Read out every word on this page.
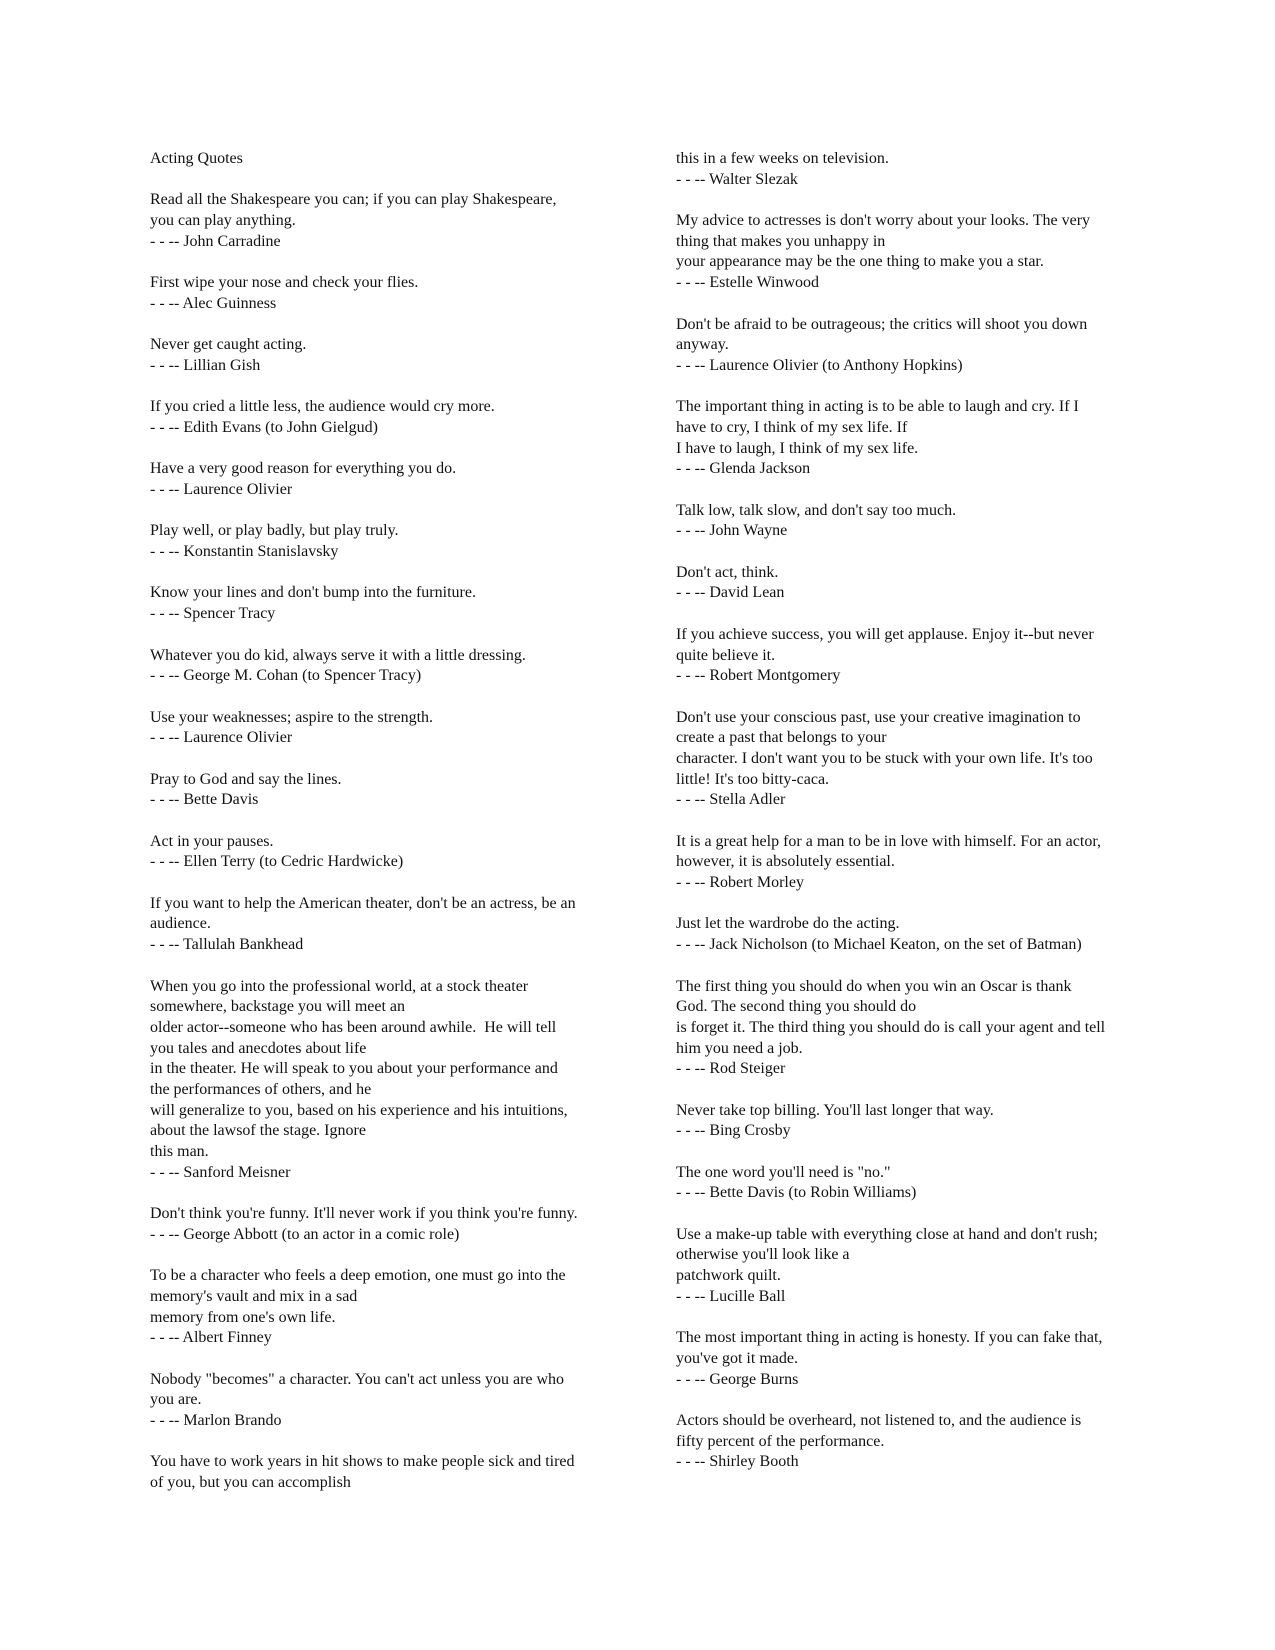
Acting Quotes
Read all the Shakespeare you can; if you can play Shakespeare,
you can play anything.
- - -- John Carradine
First wipe your nose and check your flies.
- - -- Alec Guinness
Never get caught acting.
- - -- Lillian Gish
If you cried a little less, the audience would cry more.
- - -- Edith Evans (to John Gielgud)
Have a very good reason for everything you do.
- - -- Laurence Olivier
Play well, or play badly, but play truly.
- - -- Konstantin Stanislavsky
Know your lines and don't bump into the furniture.
- - -- Spencer Tracy
Whatever you do kid, always serve it with a little dressing.
- - -- George M. Cohan (to Spencer Tracy)
Use your weaknesses; aspire to the strength.
- - -- Laurence Olivier
Pray to God and say the lines.
- - -- Bette Davis
Act in your pauses.
- - -- Ellen Terry (to Cedric Hardwicke)
If you want to help the American theater, don't be an actress, be an
audience.
- - -- Tallulah Bankhead
When you go into the professional world, at a stock theater
somewhere, backstage you will meet an
older actor--someone who has been around awhile.  He will tell
you tales and anecdotes about life
in the theater. He will speak to you about your performance and
the performances of others, and he
will generalize to you, based on his experience and his intuitions,
about the lawsof the stage. Ignore
this man.
- - -- Sanford Meisner
Don't think you're funny. It'll never work if you think you're funny.
- - -- George Abbott (to an actor in a comic role)
To be a character who feels a deep emotion, one must go into the
memory's vault and mix in a sad
memory from one's own life.
- - -- Albert Finney
Nobody "becomes" a character. You can't act unless you are who
you are.
- - -- Marlon Brando
You have to work years in hit shows to make people sick and tired
of you, but you can accomplish
this in a few weeks on television.
- - -- Walter Slezak
My advice to actresses is don't worry about your looks. The very
thing that makes you unhappy in
your appearance may be the one thing to make you a star.
- - -- Estelle Winwood
Don't be afraid to be outrageous; the critics will shoot you down
anyway.
- - -- Laurence Olivier (to Anthony Hopkins)
The important thing in acting is to be able to laugh and cry. If I
have to cry, I think of my sex life. If
I have to laugh, I think of my sex life.
- - -- Glenda Jackson
Talk low, talk slow, and don't say too much.
- - -- John Wayne
Don't act, think.
- - -- David Lean
If you achieve success, you will get applause. Enjoy it--but never
quite believe it.
- - -- Robert Montgomery
Don't use your conscious past, use your creative imagination to
create a past that belongs to your
character. I don't want you to be stuck with your own life. It's too
little! It's too bitty-caca.
- - -- Stella Adler
It is a great help for a man to be in love with himself. For an actor,
however, it is absolutely essential.
- - -- Robert Morley
Just let the wardrobe do the acting.
- - -- Jack Nicholson (to Michael Keaton, on the set of Batman)
The first thing you should do when you win an Oscar is thank
God. The second thing you should do
is forget it. The third thing you should do is call your agent and tell
him you need a job.
- - -- Rod Steiger
Never take top billing. You'll last longer that way.
- - -- Bing Crosby
The one word you'll need is "no."
- - -- Bette Davis (to Robin Williams)
Use a make-up table with everything close at hand and don't rush;
otherwise you'll look like a
patchwork quilt.
- - -- Lucille Ball
The most important thing in acting is honesty. If you can fake that,
you've got it made.
- - -- George Burns
Actors should be overheard, not listened to, and the audience is
fifty percent of the performance.
- - -- Shirley Booth
